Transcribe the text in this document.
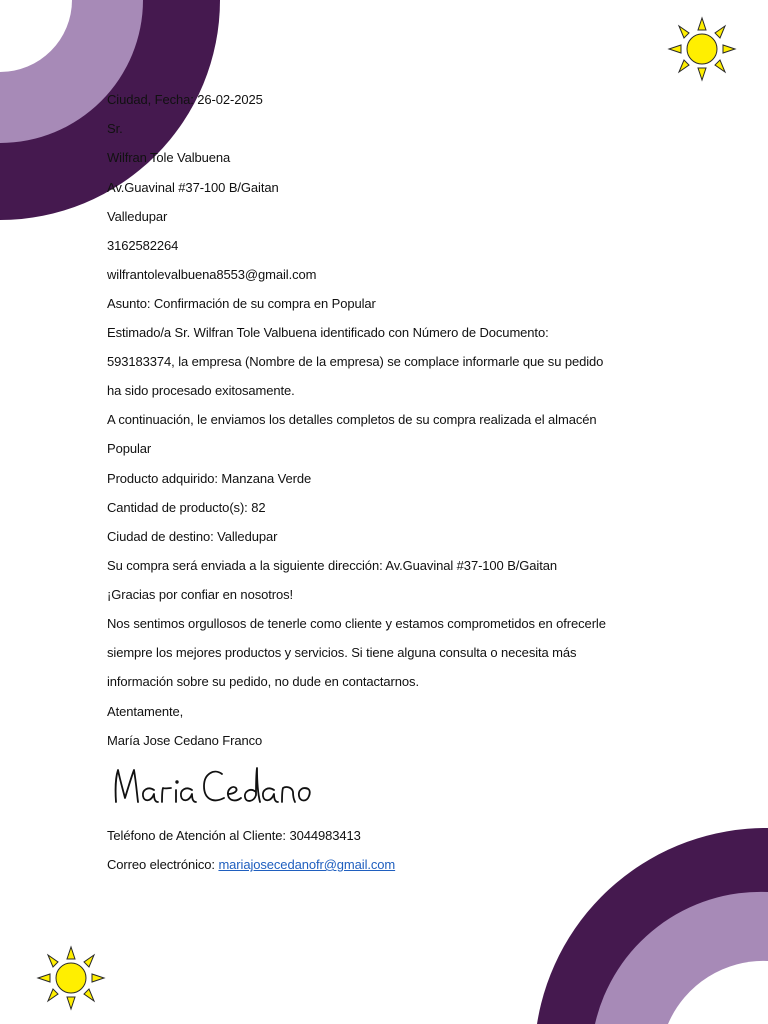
Ciudad, Fecha: 26-02-2025
Sr.
Wilfran Tole Valbuena
Av.Guavinal #37-100 B/Gaitan
Valledupar
3162582264
wilfrantolevalbuena8553@gmail.com
Asunto: Confirmación de su compra en Popular
Estimado/a Sr. Wilfran Tole Valbuena identificado con Número de Documento:
593183374, la empresa (Nombre de la empresa) se complace informarle que su pedido
ha sido procesado exitosamente.
A continuación, le enviamos los detalles completos de su compra realizada el almacén
Popular
Producto adquirido: Manzana Verde
Cantidad de producto(s): 82
Ciudad de destino: Valledupar
Su compra será enviada a la siguiente dirección: Av.Guavinal #37-100 B/Gaitan
¡Gracias por confiar en nosotros!
Nos sentimos orgullosos de tenerle como cliente y estamos comprometidos en ofrecerle
siempre los mejores productos y servicios. Si tiene alguna consulta o necesita más
información sobre su pedido, no dude en contactarnos.
Atentamente,
María Jose Cedano Franco
Teléfono de Atención al Cliente: 3044983413
Correo electrónico: mariajosecedanofr@gmail.com
